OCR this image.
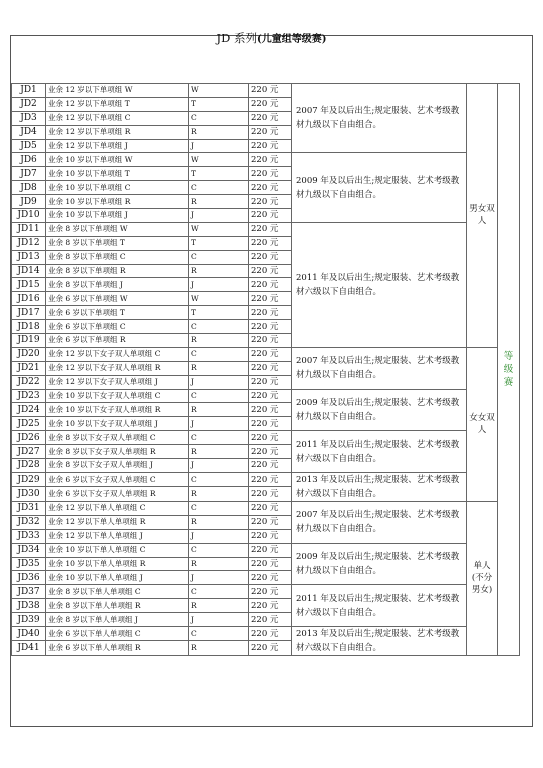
JD 系列(儿童组等级赛)
JD1	业余 12 岁以下单项组 W	W	220 元	2007 年及以后出生;规定服装、艺术考级教材九级以下自由组合。	男女双人	等级赛
JD2	业余 12 岁以下单项组 T	T	220 元			
JD3	业余 12 岁以下单项组 C	C	220 元			
JD4	业余 12 岁以下单项组 R	R	220 元			
JD5	业余 12 岁以下单项组 J	J	220 元			
JD6	业余 10 岁以下单项组 W	W	220 元	2009 年及以后出生;规定服装、艺术考级教材九级以下自由组合。		
JD7	业余 10 岁以下单项组 T	T	220 元			
JD8	业余 10 岁以下单项组 C	C	220 元			
JD9	业余 10 岁以下单项组 R	R	220 元			
JD10	业余 10 岁以下单项组 J	J	220 元			
JD11	业余 8 岁以下单项组 W	W	220 元	2011 年及以后出生;规定服装、艺术考级教材六级以下自由组合。		
JD12	业余 8 岁以下单项组 T	T	220 元			
JD13	业余 8 岁以下单项组 C	C	220 元			
JD14	业余 8 岁以下单项组 R	R	220 元			
JD15	业余 8 岁以下单项组 J	J	220 元			
JD16	业余 6 岁以下单项组 W	W	220 元			
JD17	业余 6 岁以下单项组 T	T	220 元			
JD18	业余 6 岁以下单项组 C	C	220 元			
JD19	业余 6 岁以下单项组 R	R	220 元			
JD20	业余 12 岁以下女子双人单项组 C	C	220 元	2007 年及以后出生;规定服装、艺术考级教材九级以下自由组合。	女女双人	
JD21	业余 12 岁以下女子双人单项组 R	R	220 元			
JD22	业余 12 岁以下女子双人单项组 J	J	220 元			
JD23	业余 10 岁以下女子双人单项组 C	C	220 元	2009 年及以后出生;规定服装、艺术考级教材九级以下自由组合。		
JD24	业余 10 岁以下女子双人单项组 R	R	220 元			
JD25	业余 10 岁以下女子双人单项组 J	J	220 元			
JD26	业余 8 岁以下女子双人单项组 C	C	220 元	2011 年及以后出生;规定服装、艺术考级教材六级以下自由组合。		
JD27	业余 8 岁以下女子双人单项组 R	R	220 元			
JD28	业余 8 岁以下女子双人单项组 J	J	220 元			
JD29	业余 6 岁以下女子双人单项组 C	C	220 元	2013 年及以后出生;规定服装、艺术考级教材六级以下自由组合。		
JD30	业余 6 岁以下女子双人单项组 R	R	220 元			
JD31	业余 12 岁以下单人单项组 C	C	220 元	2007 年及以后出生;规定服装、艺术考级教材九级以下自由组合。	单人(不分男女)	
JD32	业余 12 岁以下单人单项组 R	R	220 元			
JD33	业余 12 岁以下单人单项组 J	J	220 元			
JD34	业余 10 岁以下单人单项组 C	C	220 元	2009 年及以后出生;规定服装、艺术考级教材九级以下自由组合。		
JD35	业余 10 岁以下单人单项组 R	R	220 元			
JD36	业余 10 岁以下单人单项组 J	J	220 元			
JD37	业余 8 岁以下单人单项组 C	C	220 元	2011 年及以后出生;规定服装、艺术考级教材六级以下自由组合。		
JD38	业余 8 岁以下单人单项组 R	R	220 元			
JD39	业余 8 岁以下单人单项组 J	J	220 元			
JD40	业余 6 岁以下单人单项组 C	C	220 元	2013 年及以后出生;规定服装、艺术考级教材六级以下自由组合。		
JD41	业余 6 岁以下单人单项组 R	R	220 元			
